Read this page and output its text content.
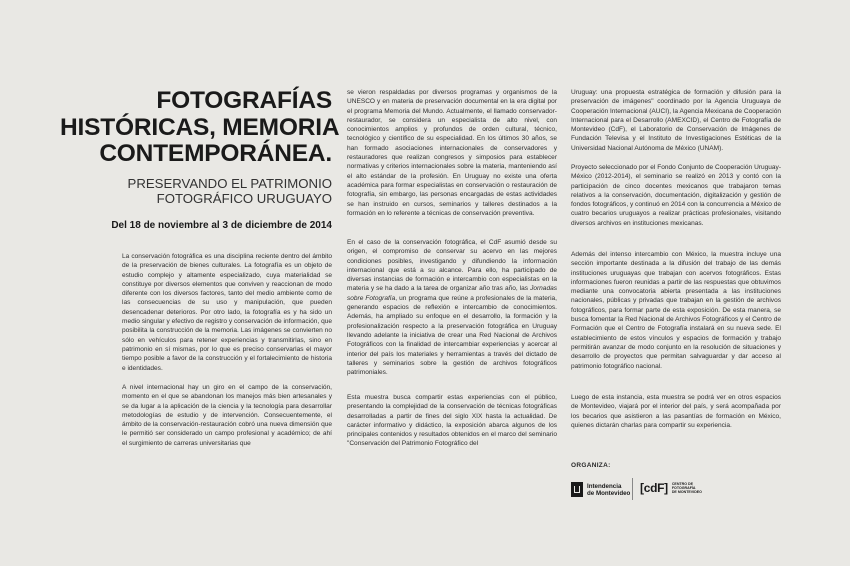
FOTOGRAFÍAS
HISTÓRICAS, MEMORIA
CONTEMPORÁNEA.
PRESERVANDO EL PATRIMONIO
FOTOGRÁFICO URUGUAYO
Del 18 de noviembre al 3 de diciembre de 2014

La conservación fotográfica es una disciplina reciente dentro del ámbito de la preservación de bienes culturales. La fotografía es un objeto de estudio complejo y altamente especializado, cuya materialidad se constituye por diversos elementos que conviven y reaccionan de modo diferente con los diversos factores, tanto del medio ambiente como de las consecuencias de su uso y manipulación, que pueden desencadenar deterioros. Por otro lado, la fotografía es y ha sido un medio singular y efectivo de registro y conservación de información, que posibilita la construcción de la memoria. Las imágenes se convierten no sólo en vehículos para retener experiencias y transmitirlas, sino en patrimonio en sí mismas, por lo que es preciso conservarlas el mayor tiempo posible a favor de la construcción y el fortalecimiento de historia e identidades.

A nivel internacional hay un giro en el campo de la conservación, momento en el que se abandonan los manejos más bien artesanales y se da lugar a la aplicación de la ciencia y la tecnología para desarrollar metodologías de estudio y de intervención. Consecuentemente, el ámbito de la conservación-restauración cobró una nueva dimensión que le permitió ser considerado un campo profesional y académico; de ahí el surgimiento de carreras universitarias que

se vieron respaldadas por diversos programas y organismos de la UNESCO y en materia de preservación documental en la era digital por el programa Memoria del Mundo. Actualmente, el llamado conservador-restaurador, se considera un especialista de alto nivel, con conocimientos amplios y profundos de orden cultural, técnico, tecnológico y científico de su especialidad. En los últimos 30 años, se han formado asociaciones internacionales de conservadores y restauradores que realizan congresos y simposios para establecer normativas y criterios internacionales sobre la materia, manteniendo así el alto estándar de la profesión. En Uruguay no existe una oferta académica para formar especialistas en conservación o restauración de fotografía, sin embargo, las personas encargadas de estas actividades se han instruido en cursos, seminarios y talleres destinados a la formación en lo referente a técnicas de conservación preventiva.

En el caso de la conservación fotográfica, el CdF asumió desde su origen, el compromiso de conservar su acervo en las mejores condiciones posibles, investigando y difundiendo la información internacional que está a su alcance. Para ello, ha participado de diversas instancias de formación e intercambio con especialistas en la materia y se ha dado a la tarea de organizar año tras año, las Jornadas sobre Fotografía, un programa que reúne a profesionales de la materia, generando espacios de reflexión e intercambio de conocimientos. Además, ha ampliado su enfoque en el desarrollo, la formación y la profesionalización respecto a la preservación fotográfica en Uruguay llevando adelante la iniciativa de crear una Red Nacional de Archivos Fotográficos con la finalidad de intercambiar experiencias y acercar al interior del país los materiales y herramientas a través del dictado de talleres y seminarios sobre la gestión de archivos fotográficos patrimoniales.

Esta muestra busca compartir estas experiencias con el público, presentando la complejidad de la conservación de técnicas fotográficas desarrolladas a partir de fines del siglo XIX hasta la actualidad. De carácter informativo y didáctico, la exposición abarca algunos de los principales contenidos y resultados obtenidos en el marco del seminario "Conservación del Patrimonio Fotográfico del

Uruguay: una propuesta estratégica de formación y difusión para la preservación de imágenes" coordinado por la Agencia Uruguaya de Cooperación Internacional (AUCI), la Agencia Mexicana de Cooperación Internacional para el Desarrollo (AMEXCID), el Centro de Fotografía de Montevideo (CdF), el Laboratorio de Conservación de Imágenes de Fundación Televisa y el Instituto de Investigaciones Estéticas de la Universidad Nacional Autónoma de México (UNAM).

Proyecto seleccionado por el Fondo Conjunto de Cooperación Uruguay-México (2012-2014), el seminario se realizó en 2013 y contó con la participación de cinco docentes mexicanos que trabajaron temas relativos a la conservación, documentación, digitalización y gestión de fondos fotográficos, y continuó en 2014 con la concurrencia a México de cuatro becarios uruguayos a realizar prácticas profesionales, visitando diversos archivos en instituciones mexicanas.

Además del intenso intercambio con México, la muestra incluye una sección importante destinada a la difusión del trabajo de las demás instituciones uruguayas que trabajan con acervos fotográficos. Estas informaciones fueron reunidas a partir de las respuestas que obtuvimos mediante una convocatoria abierta presentada a las instituciones nacionales, públicas y privadas que trabajan en la gestión de archivos fotográficos, para formar parte de esta exposición. De esta manera, se busca fomentar la Red Nacional de Archivos Fotográficos y el Centro de Formación que el Centro de Fotografía instalará en su nueva sede. El establecimiento de estos vínculos y espacios de formación y trabajo permitirán avanzar de modo conjunto en la resolución de situaciones y desarrollo de proyectos que permitan salvaguardar y dar acceso al patrimonio fotográfico nacional.

Luego de esta instancia, esta muestra se podrá ver en otros espacios de Montevideo, viajará por el interior del país, y será acompañada por los becarios que asistieron a las pasantías de formación en México, quienes dictarán charlas para compartir su experiencia.

ORGANIZA:
Intendencia
de Montevideo [cdF] CENTRO DE
FOTOGRAFÍA
DE MONTEVIDEO
